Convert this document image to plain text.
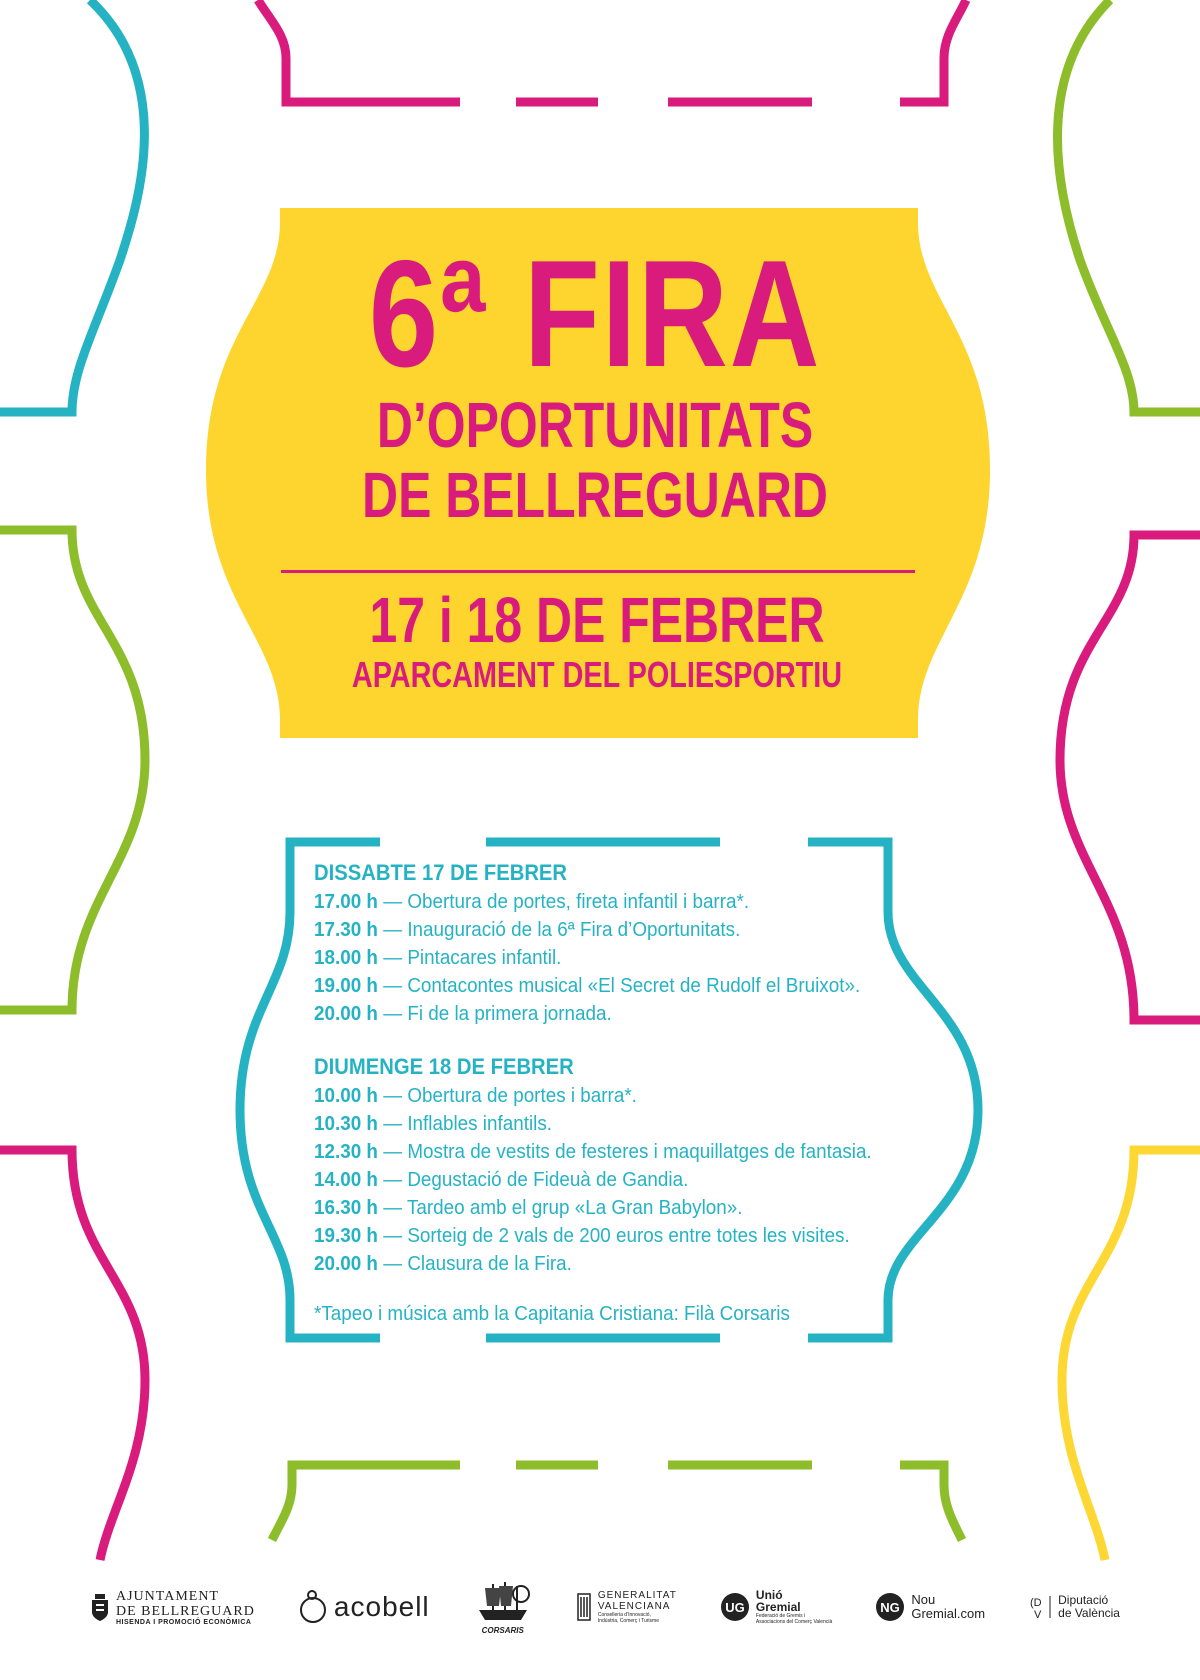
6ª FIRA
D’OPORTUNITATS
DE BELLREGUARD
17 i 18 DE FEBRER
APARCAMENT DEL POLIESPORTIU
DISSABTE 17 DE FEBRER
17.00 h — Obertura de portes, fireta infantil i barra*.
17.30 h — Inauguració de la 6ª Fira d’Oportunitats.
18.00 h — Pintacares infantil.
19.00 h — Contacontes musical «El Secret de Rudolf el Bruixot».
20.00 h — Fi de la primera jornada.
DIUMENGE 18 DE FEBRER
10.00 h — Obertura de portes i barra*.
10.30 h — Inflables infantils.
12.30 h — Mostra de vestits de festeres i maquillatges de fantasia.
14.00 h — Degustació de Fideuà de Gandia.
16.30 h — Tardeo amb el grup «La Gran Babylon».
19.30 h — Sorteig de 2 vals de 200 euros entre totes les visites.
20.00 h — Clausura de la Fira.
*Tapeo i música amb la Capitania Cristiana: Filà Corsaris
AJUNTAMENT
DE BELLREGUARD
HISENDA I PROMOCIÓ ECONÒMICA	acobell
CORSARIS
GENERALITAT
VALENCIANA
Conselleria d’Innovació,
Indústria, Comerç i Turisme
UG
Unió
Gremial
Federació de Gremis i
Associacions del Comerç Valencià
NG
Nou
Gremial.com
(D
V
Diputació
de València
